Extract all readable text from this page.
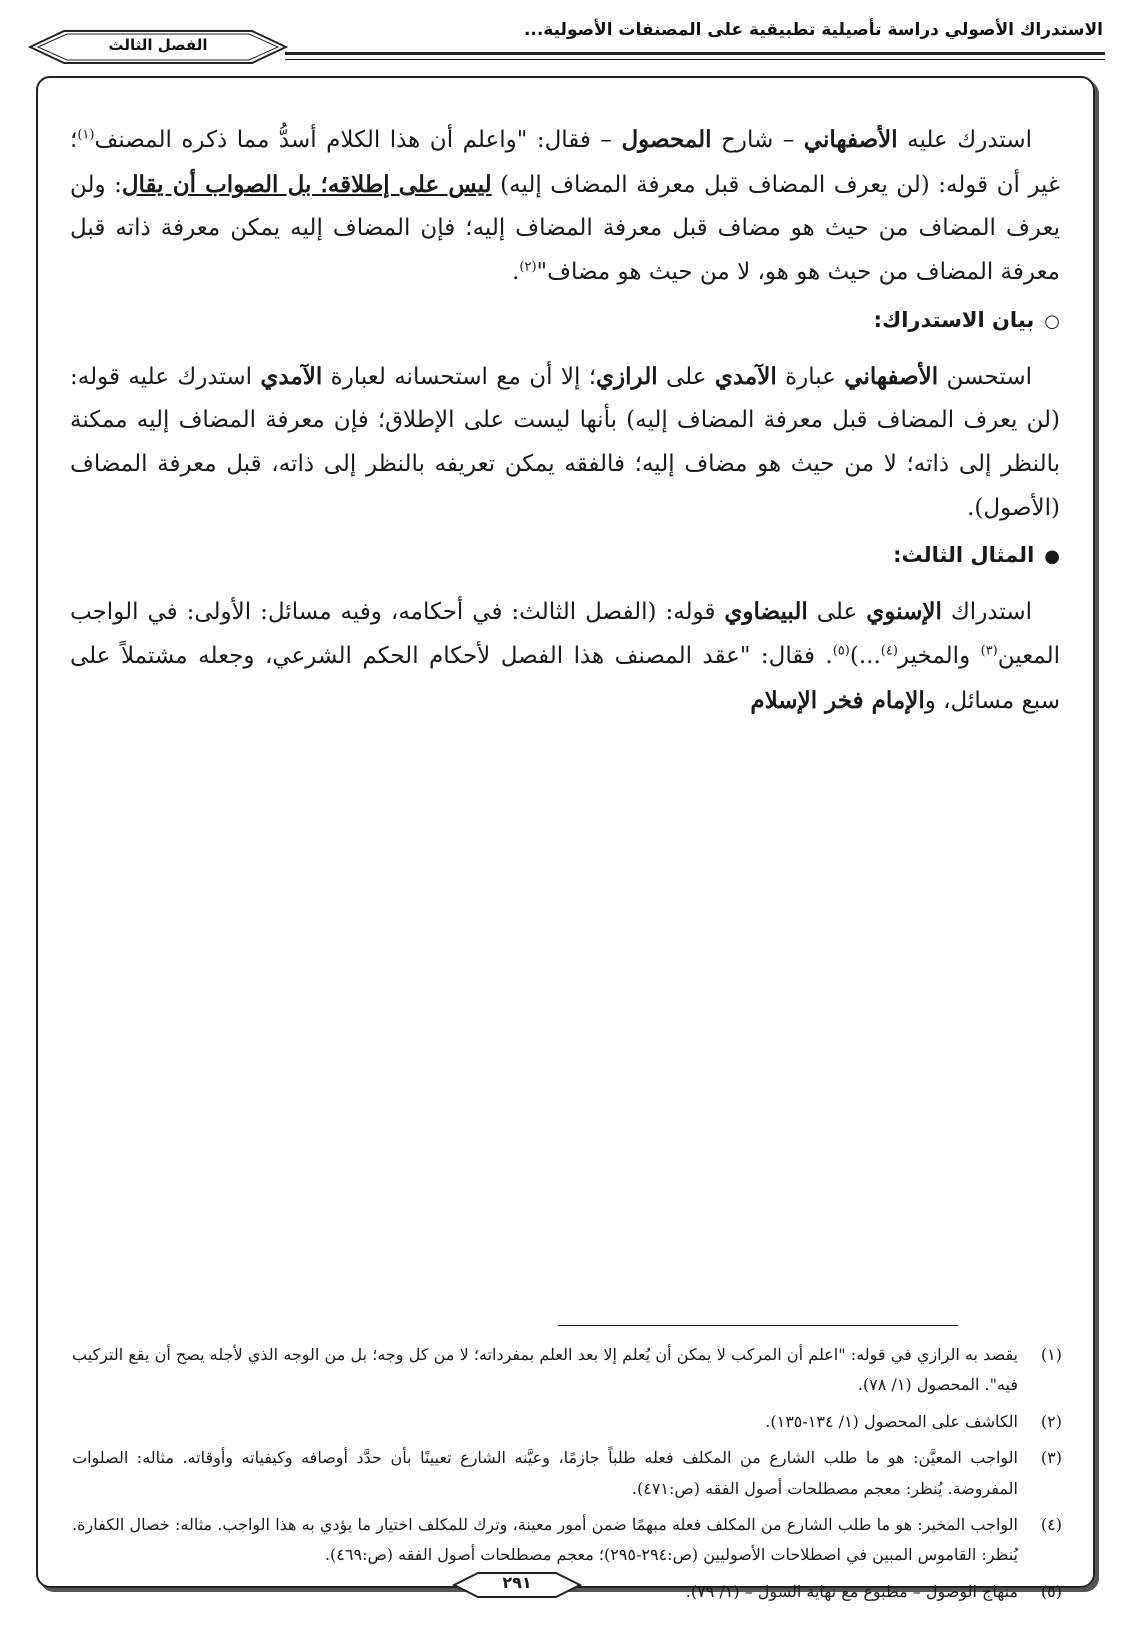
الاستدراك الأصولي دراسة تأصيلية تطبيقية على المصنفات الأصولية...
الفصل الثالث

استدرك عليه الأصفهاني – شارح المحصول – فقال: "واعلم أن هذا الكلام أسدُّ مما ذكره المصنف$^{(١)}$؛ غير أن قوله: (لن يعرف المضاف قبل معرفة المضاف إليه) ليس على إطلاقه؛ بل الصواب أن يقال: ولن يعرف المضاف من حيث هو مضاف قبل معرفة المضاف إليه؛ فإن المضاف إليه يمكن معرفة ذاته قبل معرفة المضاف من حيث هو هو، لا من حيث هو مضاف"$^{(٢)}$.

○بيان الاستدراك:

استحسن الأصفهاني عبارة الآمدي على الرازي؛ إلا أن مع استحسانه لعبارة الآمدي استدرك عليه قوله: (لن يعرف المضاف قبل معرفة المضاف إليه) بأنها ليست على الإطلاق؛ فإن معرفة المضاف إليه ممكنة بالنظر إلى ذاته؛ لا من حيث هو مضاف إليه؛ فالفقه يمكن تعريفه بالنظر إلى ذاته، قبل معرفة المضاف (الأصول).

●المثال الثالث:

استدراك الإسنوي على البيضاوي قوله: (الفصل الثالث: في أحكامه، وفيه مسائل: الأولى: في الواجب المعين$^{(٣)}$ والمخير$^{(٤)}$...)$^{(٥)}$. فقال: "عقد المصنف هذا الفصل لأحكام الحكم الشرعي، وجعله مشتملاً على سبع مسائل، والإمام فخر الإسلام

(١)
يقصد به الرازي في قوله: "اعلم أن المركب لا يمكن أن يُعلم إلا بعد العلم بمفرداته؛ لا من كل وجه؛ بل من الوجه الذي لأجله يصح أن يقع التركيب فيه". المحصول (١/ ٧٨).
(٢)
الكاشف على المحصول (١/ ١٣٤-١٣٥).
(٣)
الواجب المعيَّن: هو ما طلب الشارع من المكلف فعله طلباً جازمًا، وعيَّنه الشارع تعيينًا بأن حدَّد أوصافه وكيفياته وأوقاته. مثاله: الصلوات المفروضة. يُنظر: معجم مصطلحات أصول الفقه (ص:٤٧١).
(٤)
الواجب المخير: هو ما طلب الشارع من المكلف فعله مبهمًا ضمن أمور معينة، وترك للمكلف اختيار ما يؤدي به هذا الواجب. مثاله: خصال الكفارة. يُنظر: القاموس المبين في اصطلاحات الأصوليين (ص:٢٩٤-٢٩٥)؛ معجم مصطلحات أصول الفقه (ص:٤٦٩).
(٥)
منهاج الوصول – مطبوع مع نهاية السول – (١/ ٧٩).
٢٩١
